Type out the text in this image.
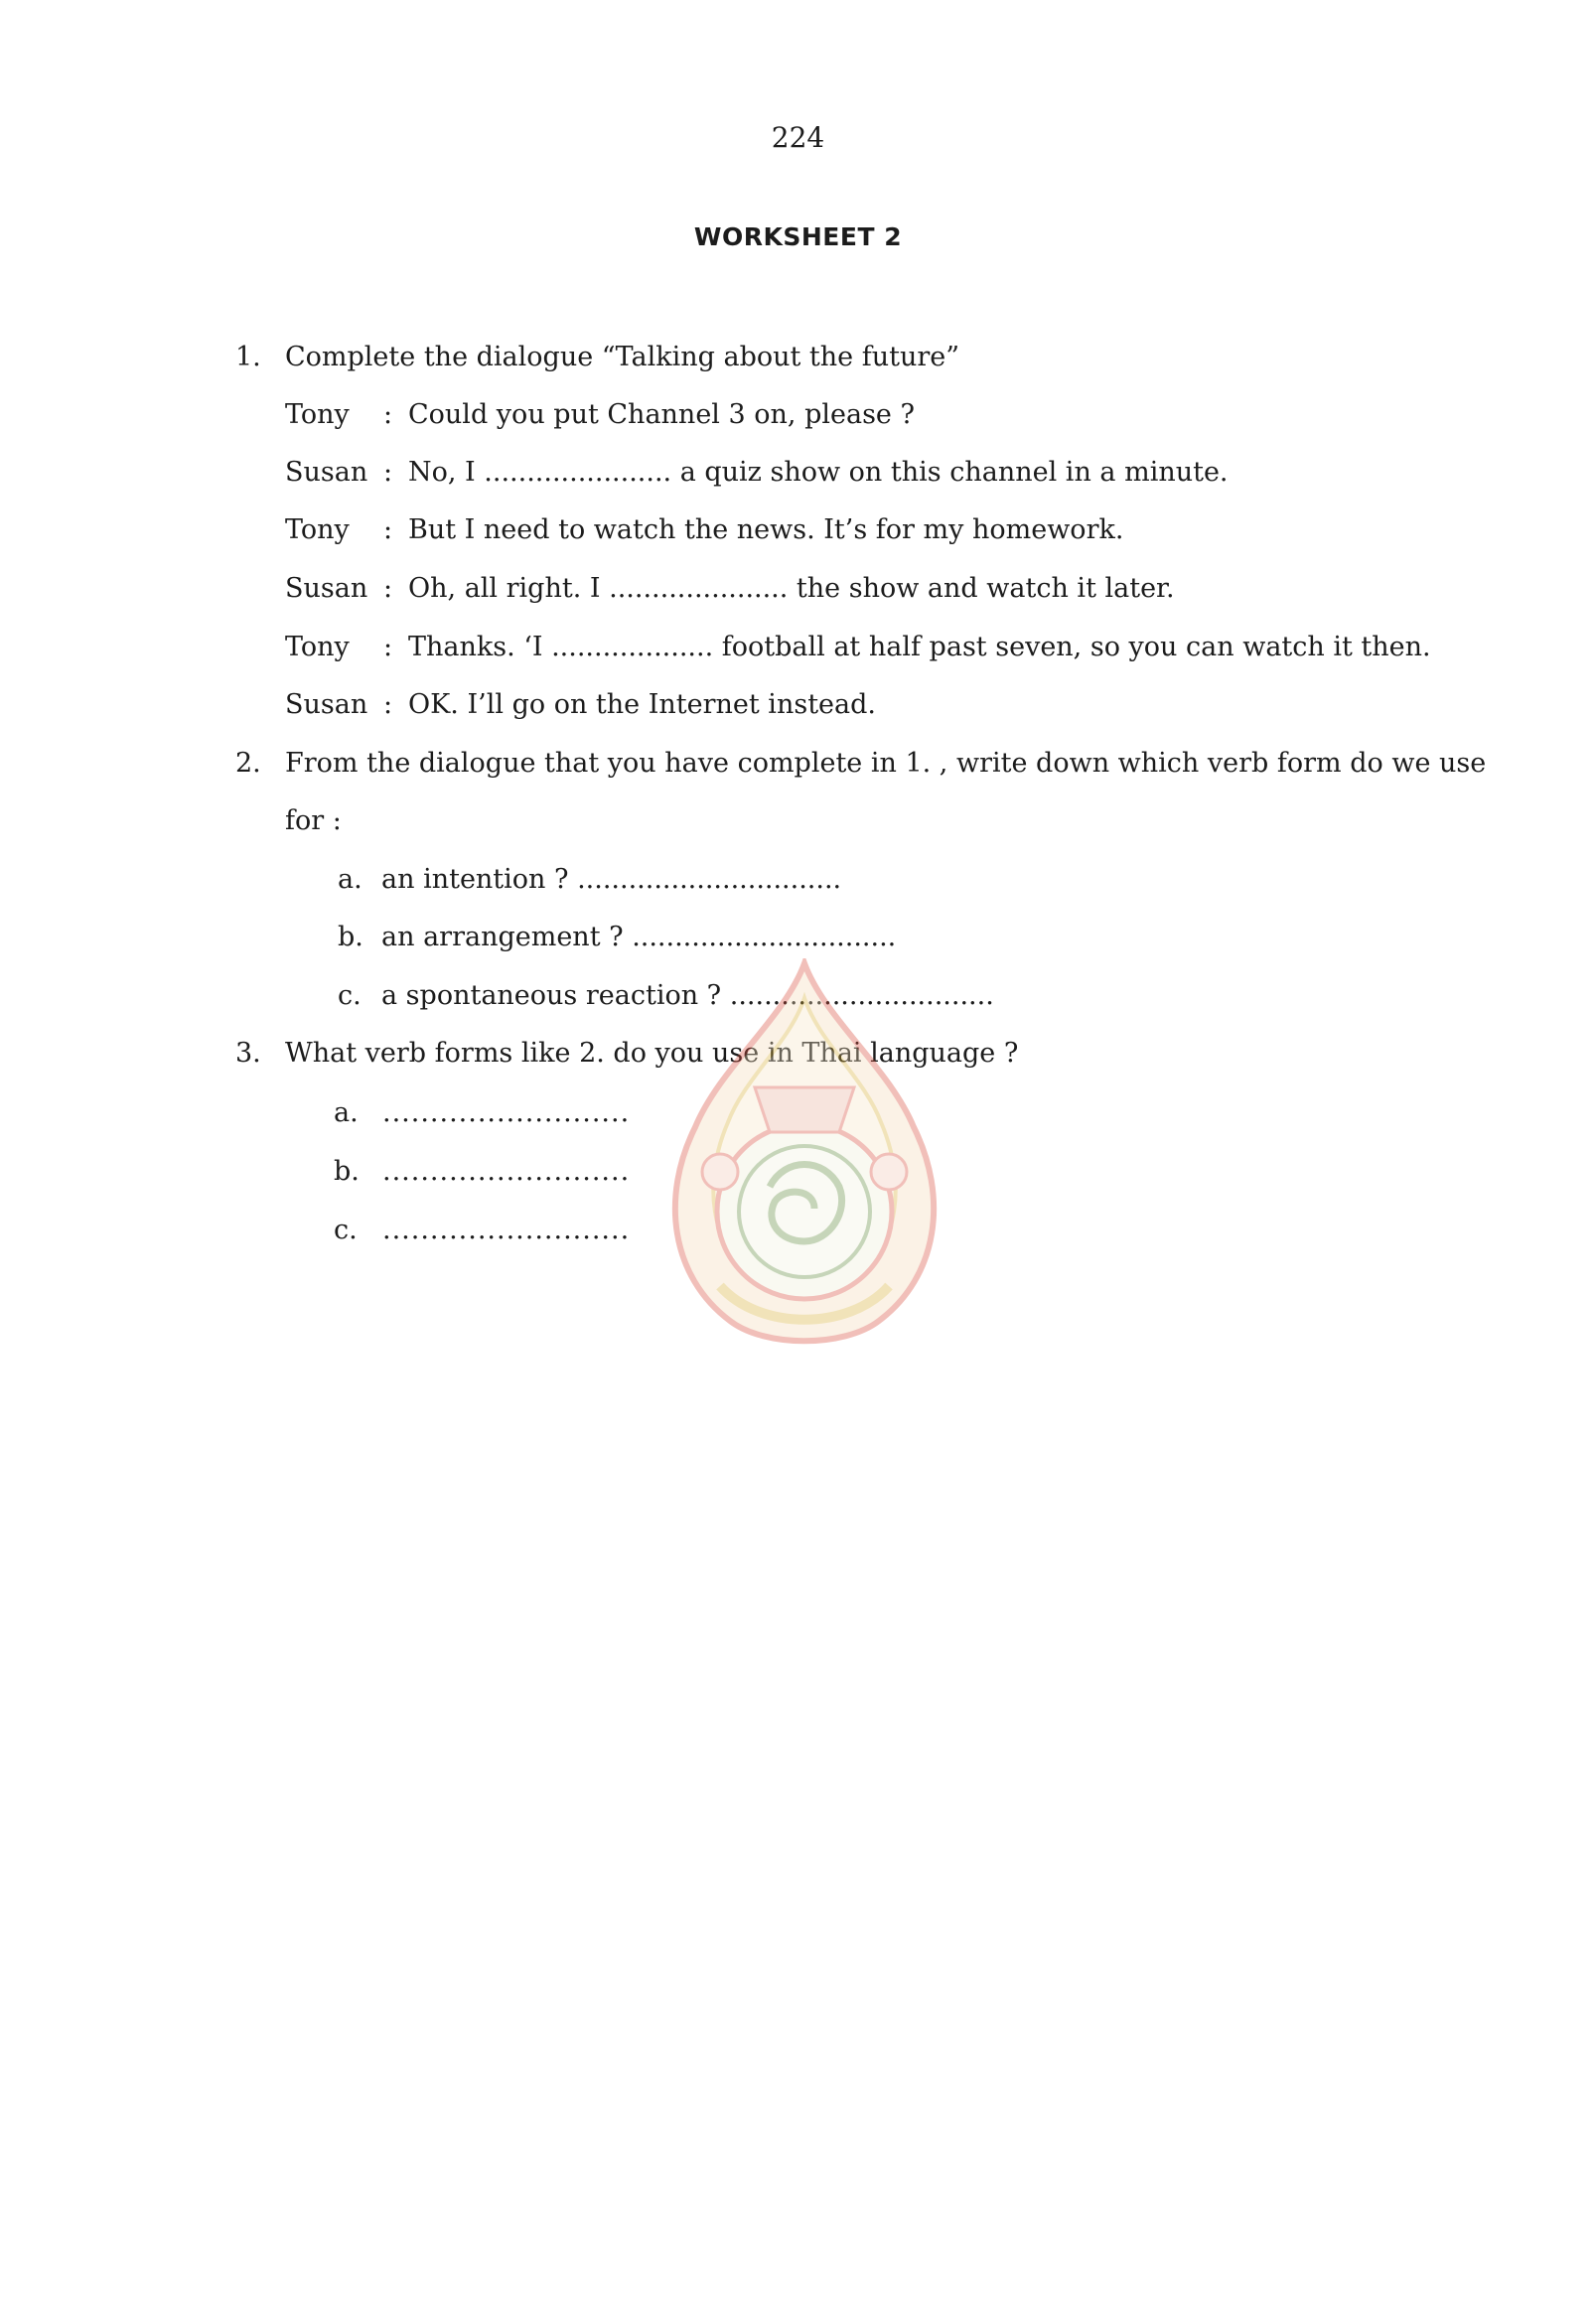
224
WORKSHEET 2
1. Complete the dialogue “Talking about the future”
Tony : Could you put Channel 3 on, please ?
Susan : No, I ...................... a quiz show on this channel in a minute.
Tony : But I need to watch the news. It’s for my homework.
Susan : Oh, all right. I ..................... the show and watch it later.
Tony : Thanks. ‘I ................... football at half past seven, so you can watch it then.
Susan : OK. I’ll go on the Internet instead.
2. From the dialogue that you have complete in 1. , write down which verb form do we use
for :
a. an intention ? ...............................
b. an arrangement ? ...............................
c. a spontaneous reaction ? ...............................
3. What verb forms like 2. do you use in Thai language ?
a. ..........................
b. ..........................
c. ..........................
